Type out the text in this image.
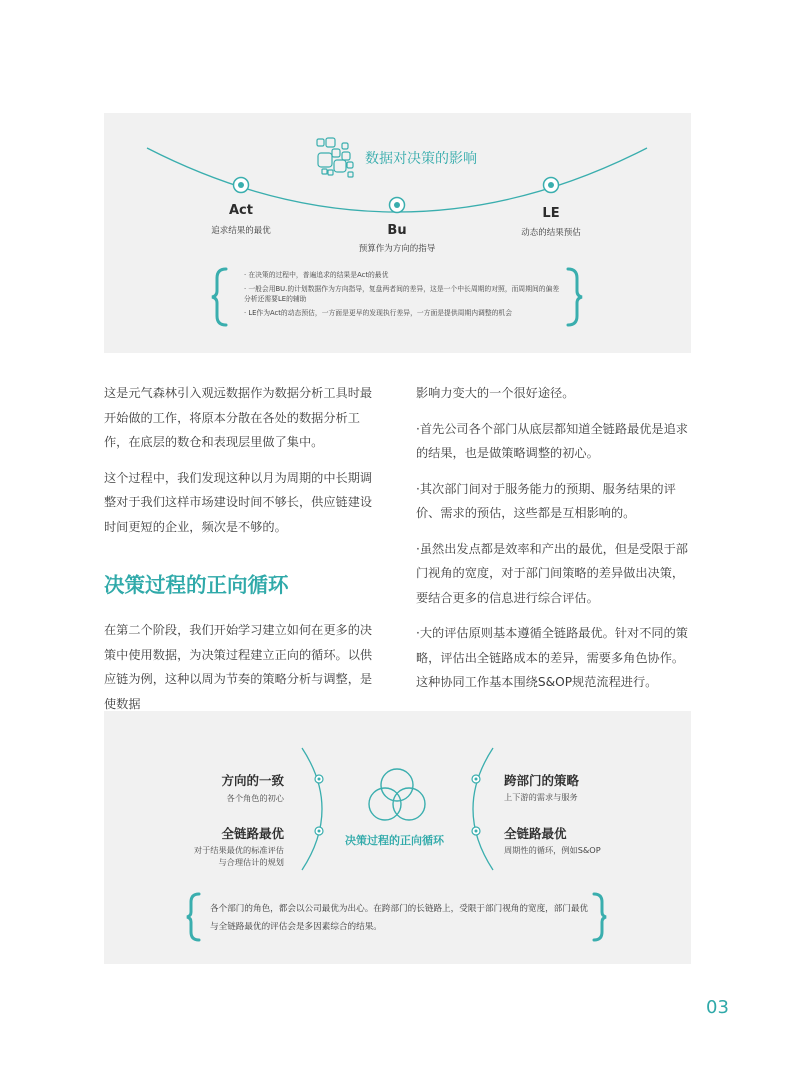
数据对决策的影响
Act
追求结果的最优	Bu
预算作为方向的指导
LE
动态的结果预估
· 在决策的过程中，普遍追求的结果是Act的最优
· 一般会用BU.的计划数据作为方向指导，复盘两者间的差异，这是一个中长周期的对照，而周期间的偏差分析还需要LE的辅助
· LE作为Act的动态预估，一方面是更早的发现执行差异，一方面是提供周期内调整的机会

这是元气森林引入观远数据作为数据分析工具时最开始做的工作，将原本分散在各处的数据分析工作，在底层的数仓和表现层里做了集中。

这个过程中，我们发现这种以月为周期的中长期调整对于我们这样市场建设时间不够长，供应链建设时间更短的企业，频次是不够的。

决策过程的正向循环

在第二个阶段，我们开始学习建立如何在更多的决策中使用数据，为决策过程建立正向的循环。以供应链为例，这种以周为节奏的策略分析与调整，是使数据

影响力变大的一个很好途径。

·首先公司各个部门从底层都知道全链路最优是追求的结果，也是做策略调整的初心。

·其次部门间对于服务能力的预期、服务结果的评价、需求的预估，这些都是互相影响的。

·虽然出发点都是效率和产出的最优，但是受限于部门视角的宽度，对于部门间策略的差异做出决策，要结合更多的信息进行综合评估。

·大的评估原则基本遵循全链路最优。针对不同的策略，评估出全链路成本的差异，需要多角色协作。这种协同工作基本围绕S&OP规范流程进行。

决策过程的正向循环
方向的一致
各个角色的初心
全链路最优
对于结果最优的标准评估
与合理估计的规划
跨部门的策略
上下游的需求与服务
全链路最优
周期性的循环，例如S&OP
各个部门的角色，都会以公司最优为出心。在跨部门的长链路上，受限于部门视角的宽度，部门最优与全链路最优的评估会是多因素综合的结果。
03
